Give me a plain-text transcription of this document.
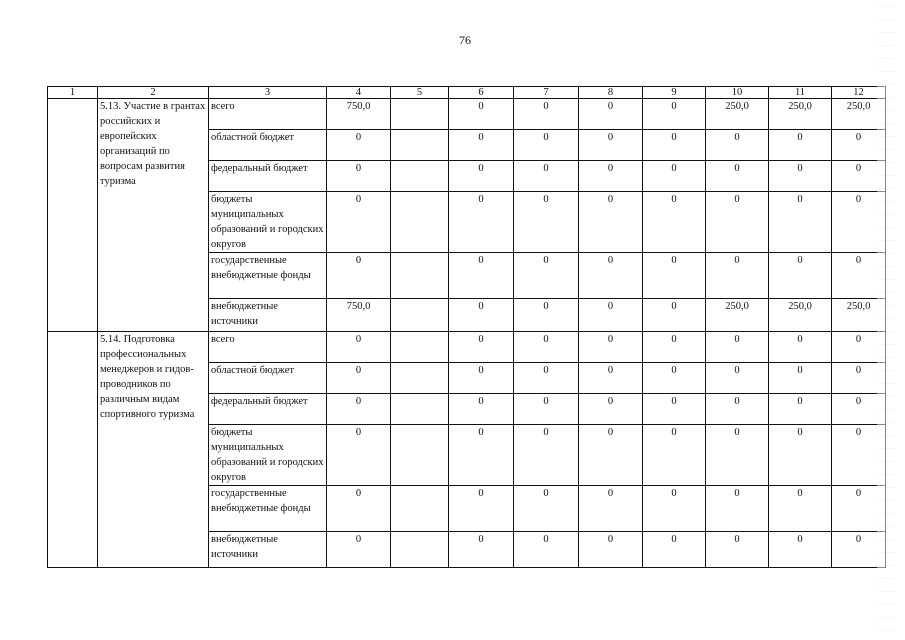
76
1	2	3	4	5	6	7	8	9	10	11	12
	5.13. Участие в грантах российских и европейских организаций по вопросам развития туризма	всего	750,0		0	0	0	0	250,0	250,0	250,0
		областной бюджет	0		0	0	0	0	0	0	0
		федеральный бюджет	0		0	0	0	0	0	0	0
		бюджеты муниципальных образований и городских округов	0		0	0	0	0	0	0	0
		государственные внебюджетные фонды	0		0	0	0	0	0	0	0
		внебюджетные источники	750,0		0	0	0	0	250,0	250,0	250,0
	5.14. Подготовка профессиональных менеджеров и гидов-проводников по различным видам спортивного туризма	всего	0		0	0	0	0	0	0	0
		областной бюджет	0		0	0	0	0	0	0	0
		федеральный бюджет	0		0	0	0	0	0	0	0
		бюджеты муниципальных образований и городских округов	0		0	0	0	0	0	0	0
		государственные внебюджетные фонды	0		0	0	0	0	0	0	0
		внебюджетные источники	0		0	0	0	0	0	0	0
